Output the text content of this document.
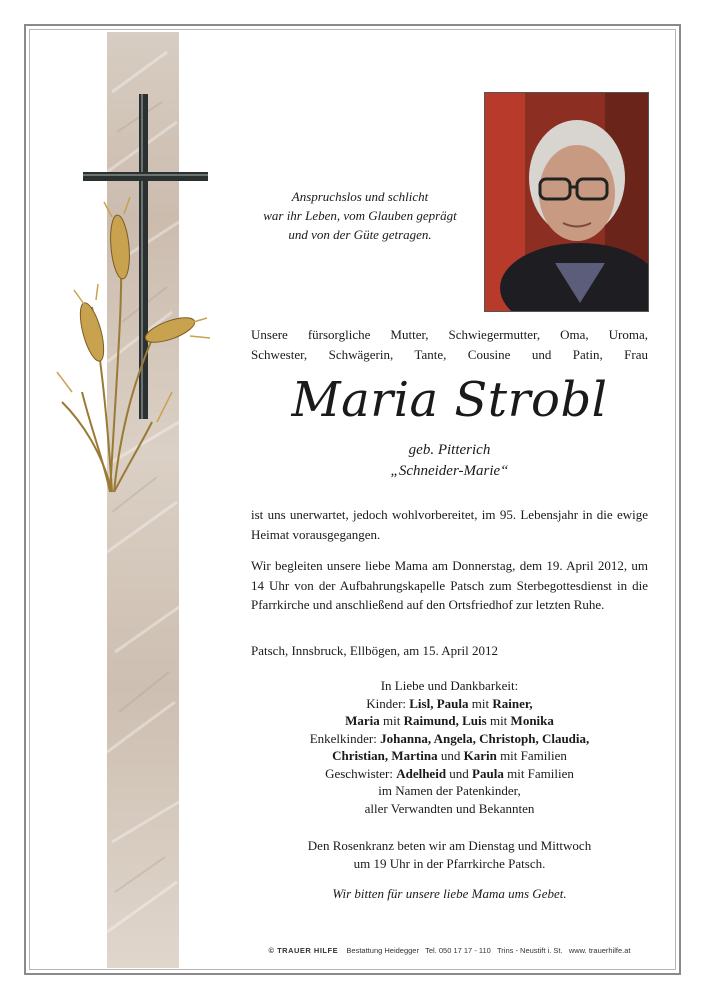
Anspruchslos und schlicht
war ihr Leben, vom Glauben geprägt
und von der Güte getragen.
Unsere fürsorgliche Mutter, Schwiegermutter, Oma, Uroma,
Schwester, Schwägerin, Tante, Cousine und Patin, Frau
Maria Strobl
geb. Pitterich
„Schneider-Marie“
ist uns unerwartet, jedoch wohlvorbereitet, im 95. Lebensjahr in die ewige Heimat vorausgegangen.
Wir begleiten unsere liebe Mama am Donnerstag, dem 19. April 2012, um 14 Uhr von der Aufbahrungskapelle Patsch zum Sterbegottesdienst in die Pfarrkirche und anschließend auf den Ortsfriedhof zur letzten Ruhe.
Patsch, Innsbruck, Ellbögen, am 15. April 2012
In Liebe und Dankbarkeit:
Kinder: Lisl, Paula mit Rainer,
Maria mit Raimund, Luis mit Monika
Enkelkinder: Johanna, Angela, Christoph, Claudia,
Christian, Martina und Karin mit Familien
Geschwister: Adelheid und Paula mit Familien
im Namen der Patenkinder,
aller Verwandten und Bekannten
Den Rosenkranz beten wir am Dienstag und Mittwoch
um 19 Uhr in der Pfarrkirche Patsch.
Wir bitten für unsere liebe Mama ums Gebet.
© TRAUER HILFE Bestattung Heidegger Tel. 050 17 17 - 110 Trins - Neustift i. St. www. trauerhilfe.at
